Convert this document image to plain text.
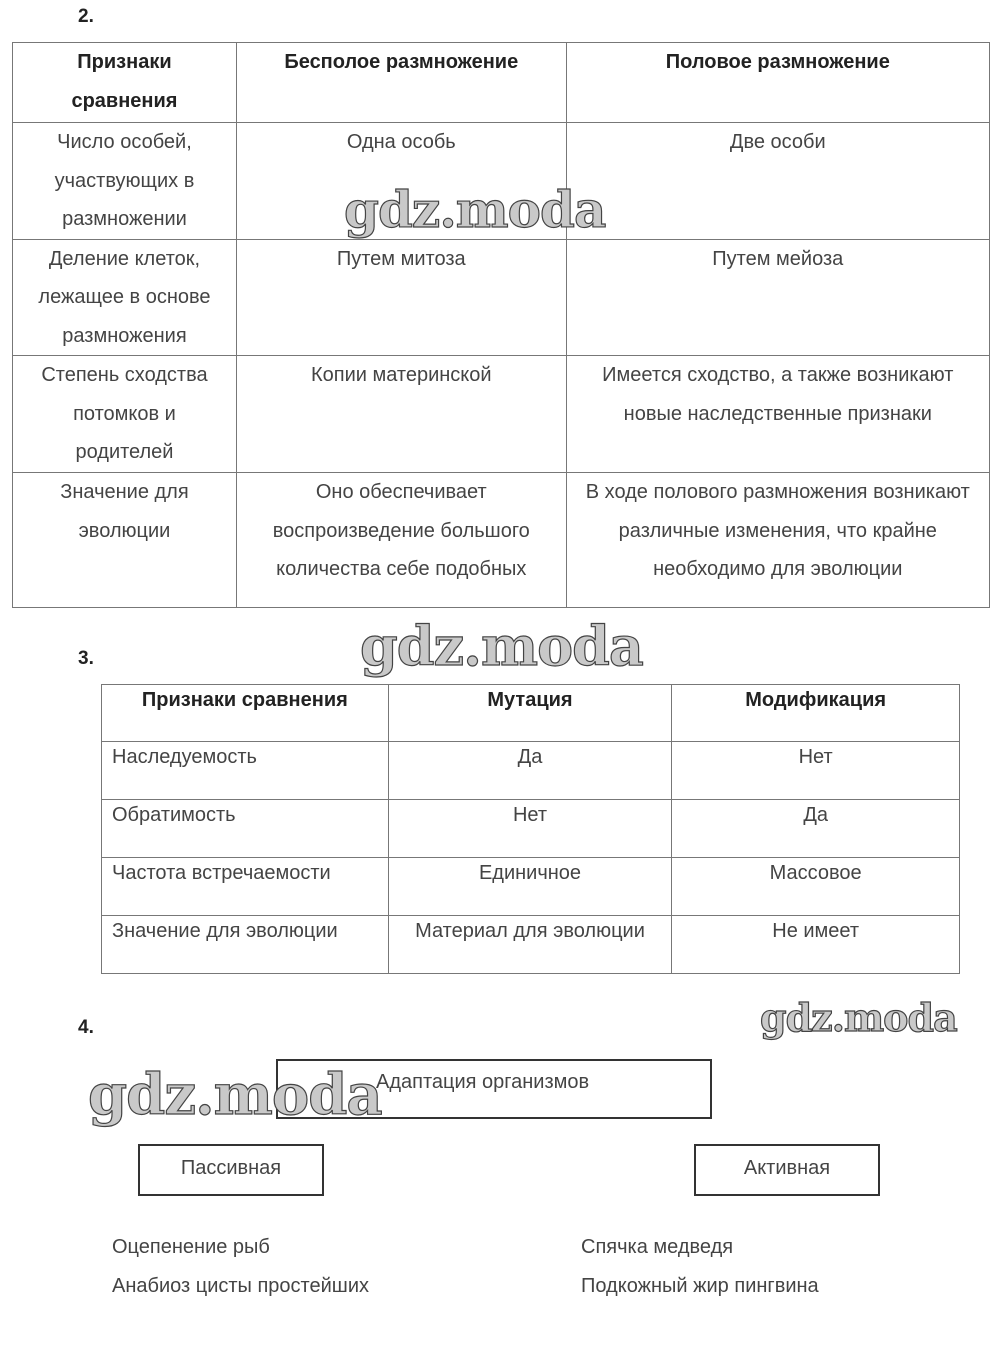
2.
Признаки сравнения	Бесполое размножение	Половое размножение
Число особей, участвующих в размножении	Одна особь	Две особи
Деление клеток, лежащее в основе размножения	Путем митоза	Путем мейоза
Степень сходства потомков и родителей	Копии материнской	Имеется сходство, а также возникают новые наследственные признаки
Значение для эволюции	Оно обеспечивает воспроизведение большого количества себе подобных	В ходе полового размножения возникают различные изменения, что крайне необходимо для эволюции
gdz.moda
gdz.moda
3.
Признаки сравнения	Мутация	Модификация
Наследуемость	Да	Нет
Обратимость	Нет	Да
Частота встречаемости	Единичное	Массовое
Значение для эволюции	Материал для эволюции	Не имеет
4.	gdz.moda
Адаптация организмов
gdz.moda
Пассивная	Активная
Оцепенение рыб
Анабиоз цисты простейших
Спячка медведя
Подкожный жир пингвина
